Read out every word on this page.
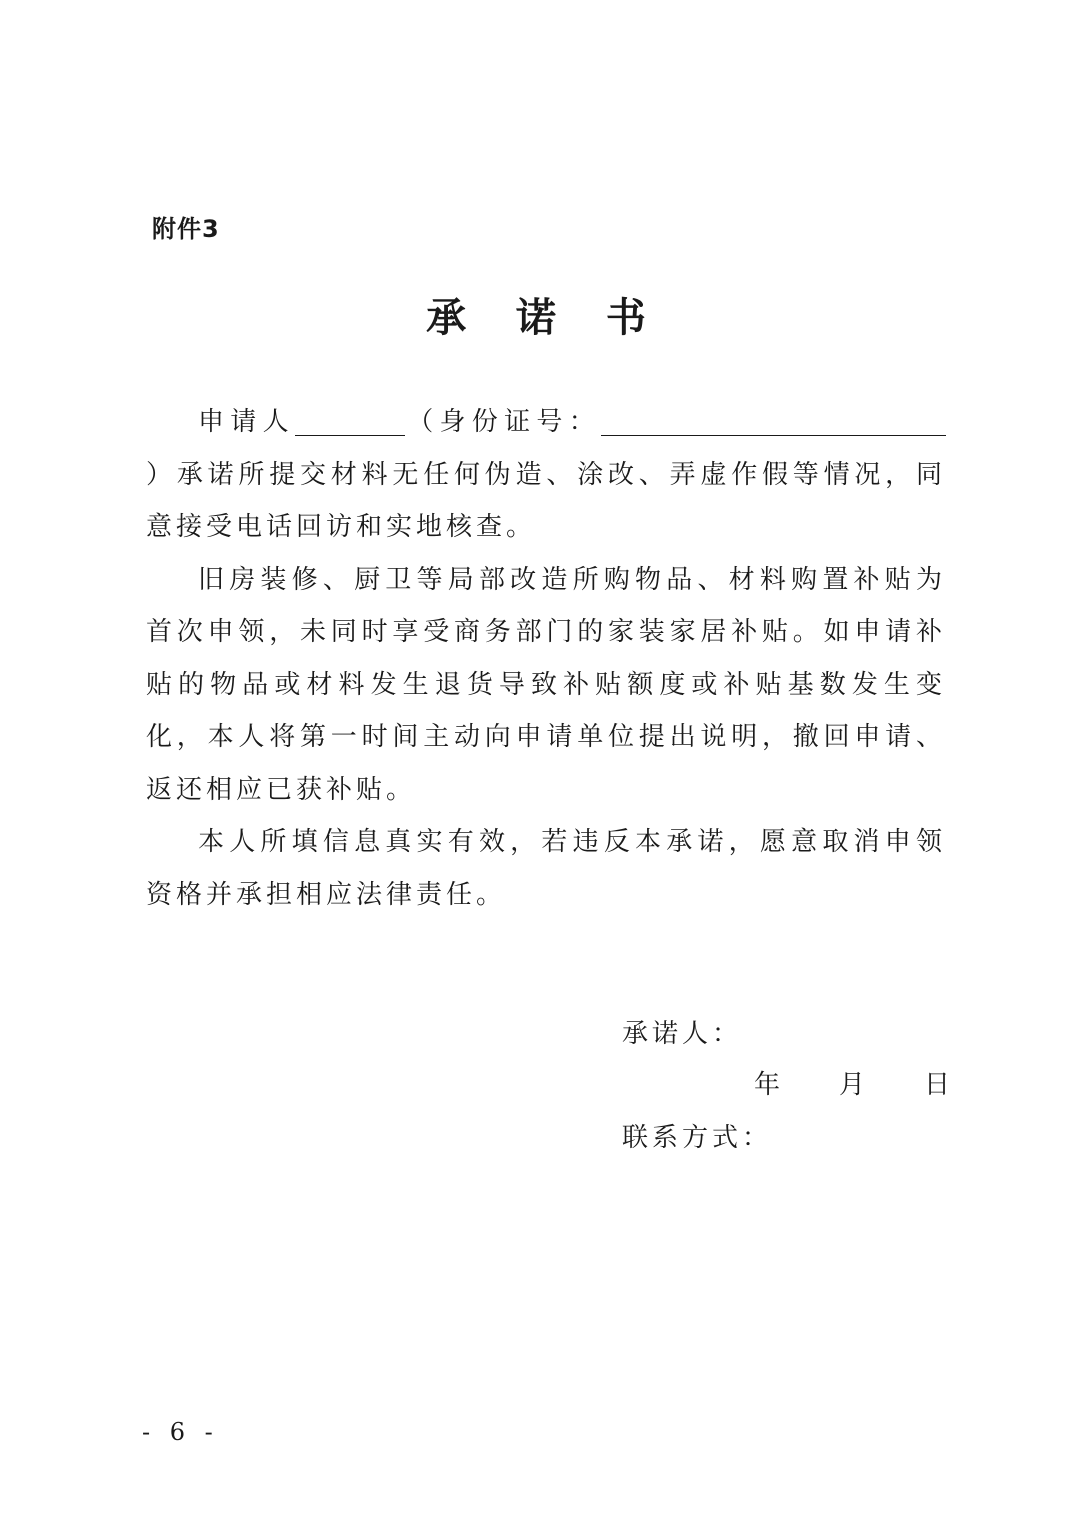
附件3
承 诺 书

申请人	（身份证号：）承诺所提交材料无任何伪造、涂改、弄虚作假等情况，同意接受电话回访和实地核查。

旧房装修、厨卫等局部改造所购物品、材料购置补贴为首次申领，未同时享受商务部门的家装家居补贴。如申请补贴的物品或材料发生退货导致补贴额度或补贴基数发生变化，本人将第一时间主动向申请单位提出说明，撤回申请、返还相应已获补贴。

本人所填信息真实有效，若违反本承诺，愿意取消申领资格并承担相应法律责任。

承诺人：
年 月 日
联系方式：
- 6 -
